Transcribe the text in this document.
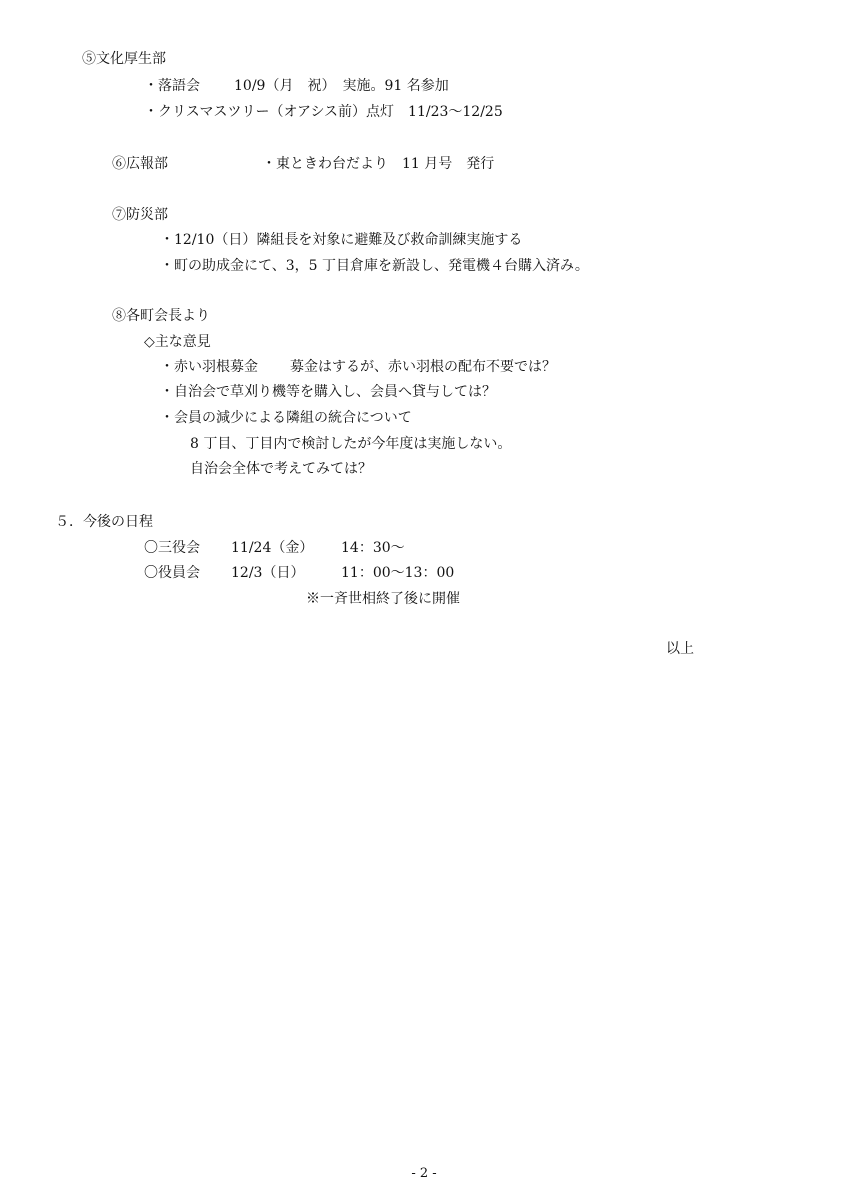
⑤文化厚生部
・落語会 10/9（月　祝）　実施。91 名参加
・クリスマスツリー（オアシス前）点灯　11/23〜12/25
⑥広報部	・東ときわ台だより　11 月号　発行
⑦防災部
・12/10（日）隣組長を対象に避難及び救命訓練実施する
・町の助成金にて、3，5 丁目倉庫を新設し、発電機４台購入済み。
⑧各町会長より
◇主な意見
・赤い羽根募金 募金はするが、赤い羽根の配布不要では？
・自治会で草刈り機等を購入し、会員へ貸与しては？
・会員の減少による隣組の統合について
8 丁目、丁目内で検討したが今年度は実施しない。
自治会全体で考えてみては？
５．今後の日程
〇三役会 11/24（金） 14：30〜
〇役員会 12/3（日）	11：00〜13：00
※一斉世相終了後に開催
以上
- 2 -
